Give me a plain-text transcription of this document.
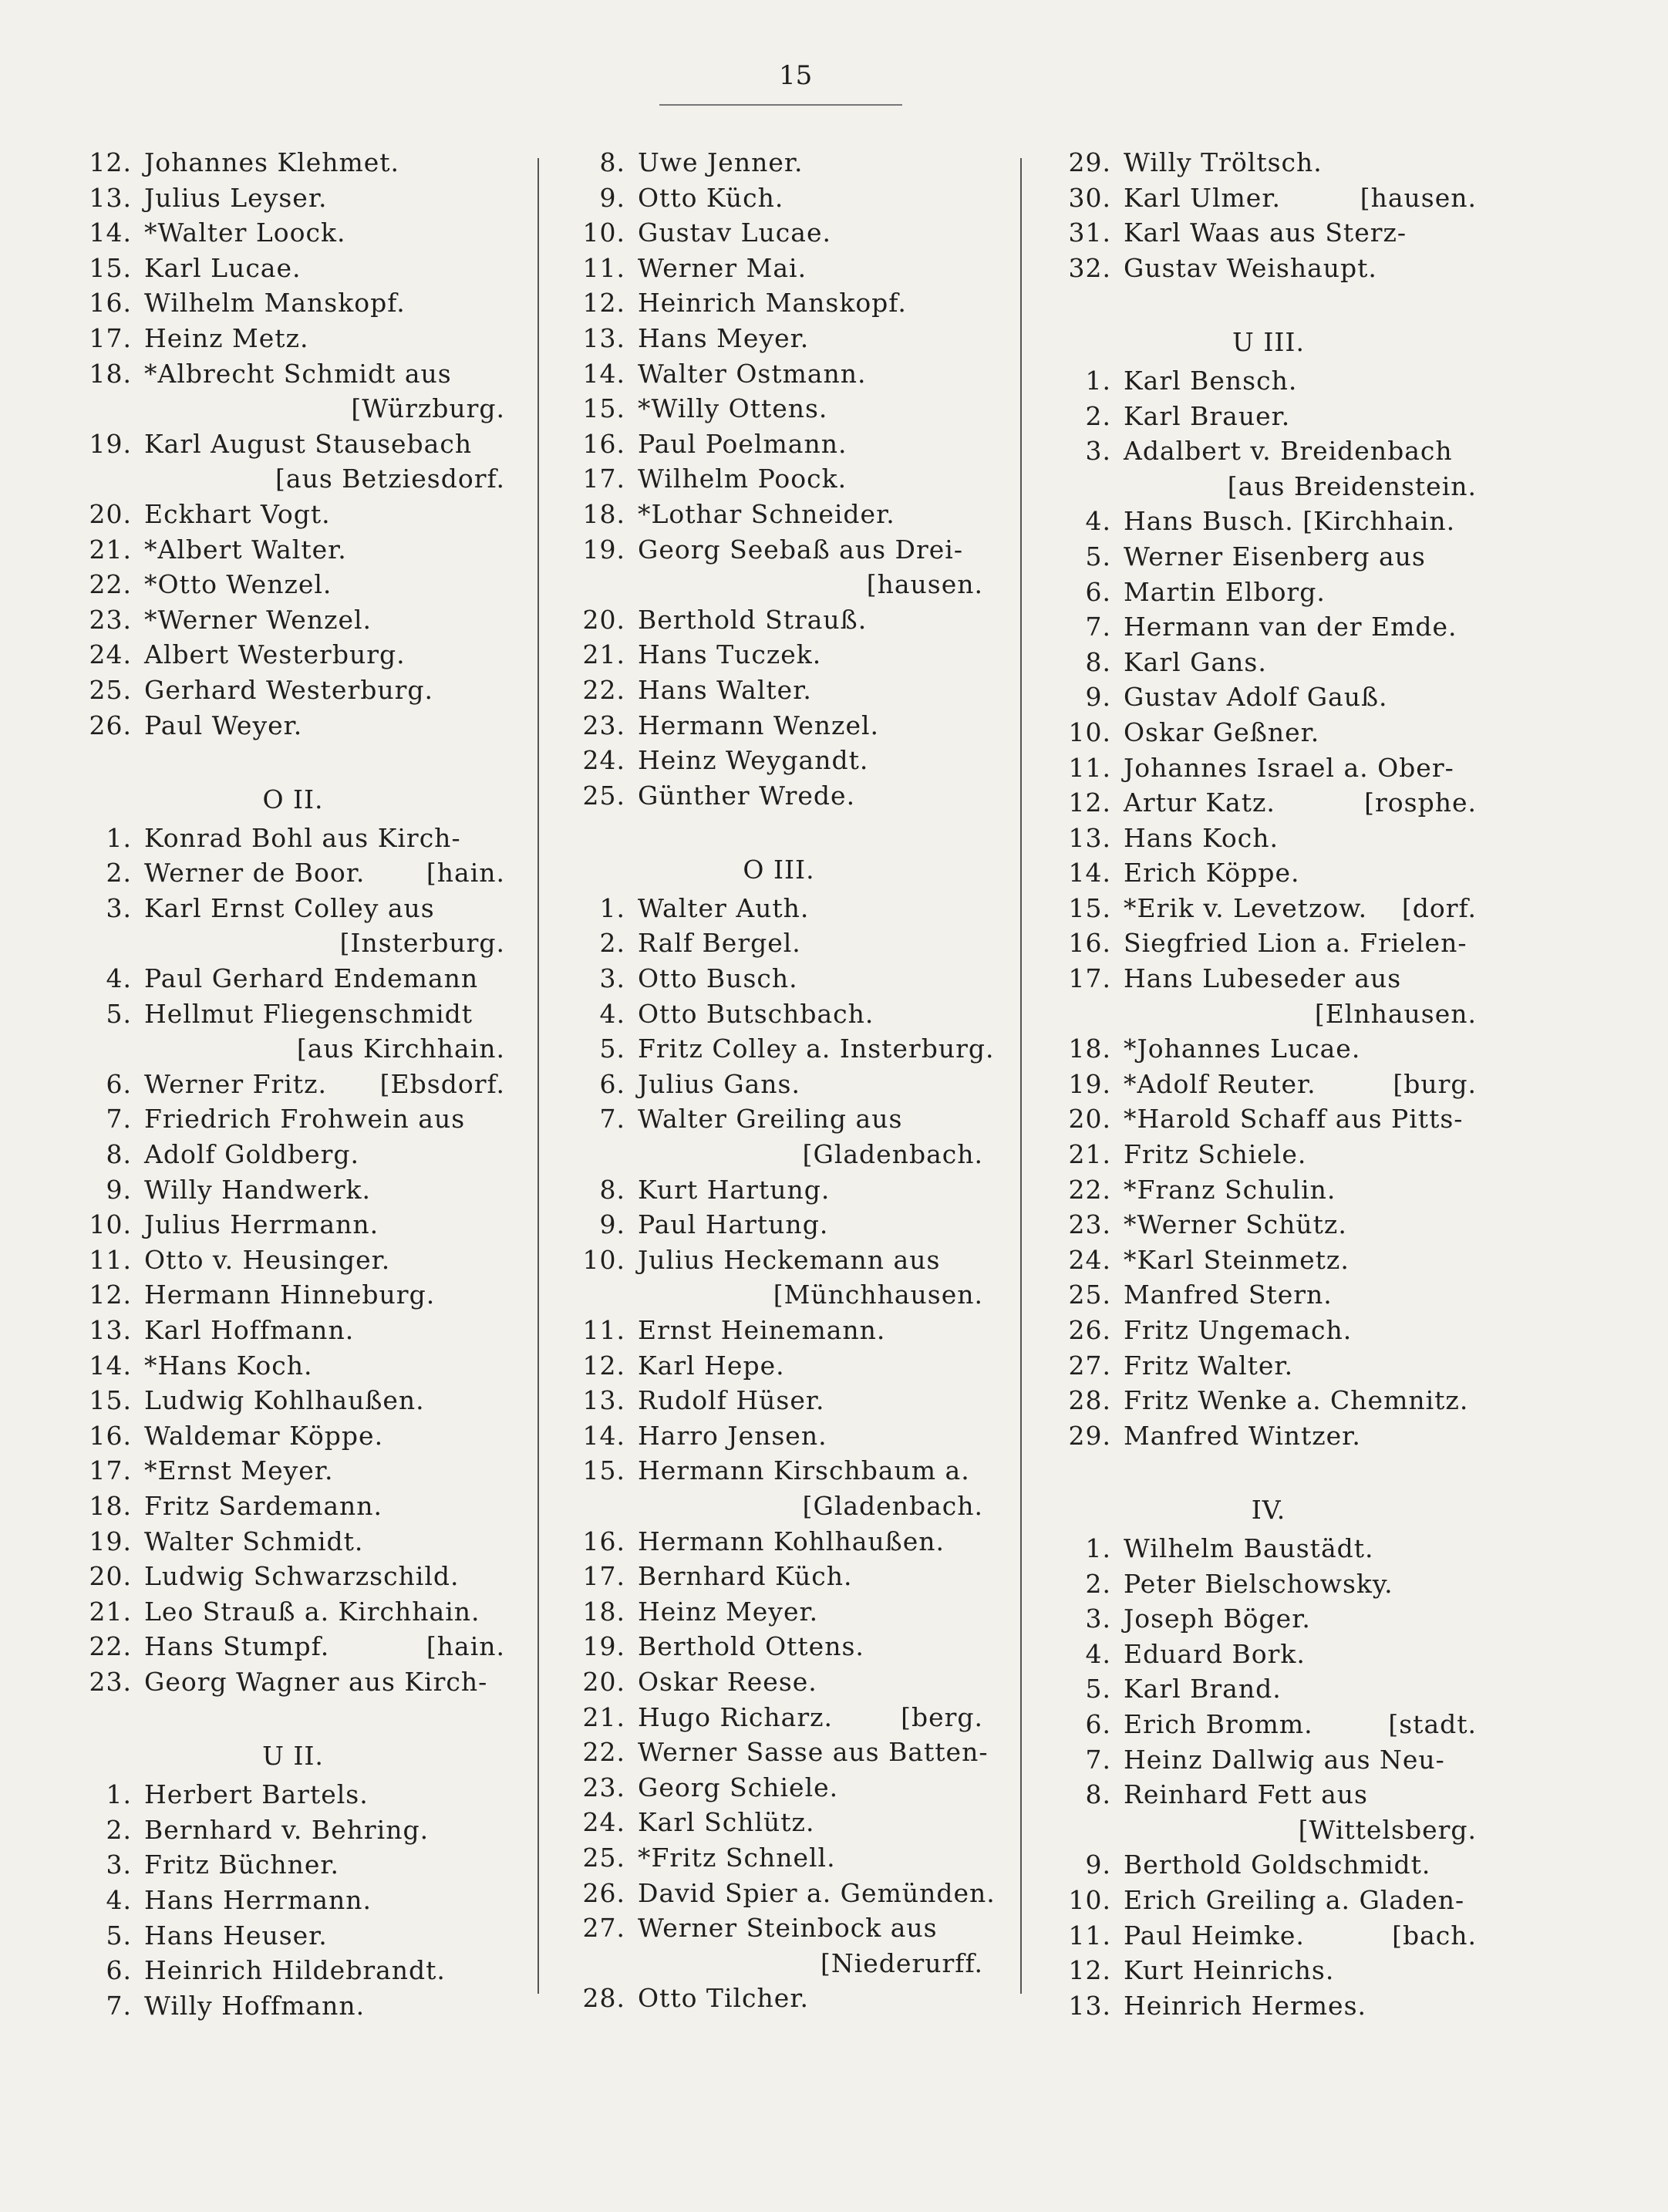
15
12. Johannes Klehmet.
13. Julius Leyser.
14. *Walter Loock.
15. Karl Lucae.
16. Wilhelm Manskopf.
17. Heinz Metz.
18. *Albrecht Schmidt aus
[Würzburg.
19. Karl August Stausebach
[aus Betziesdorf.
20. Eckhart Vogt.
21. *Albert Walter.
22. *Otto Wenzel.
23. *Werner Wenzel.
24. Albert Westerburg.
25. Gerhard Westerburg.
26. Paul Weyer.
O II.
1. Konrad Bohl aus Kirch-
2. Werner de Boor. [hain.
3. Karl Ernst Colley aus
[Insterburg.
4. Paul Gerhard Endemann
5. Hellmut Fliegenschmidt
[aus Kirchhain.
6. Werner Fritz. [Ebsdorf.
7. Friedrich Frohwein aus
8. Adolf Goldberg.
9. Willy Handwerk.
10. Julius Herrmann.
11. Otto v. Heusinger.
12. Hermann Hinneburg.
13. Karl Hoffmann.
14. *Hans Koch.
15. Ludwig Kohlhaußen.
16. Waldemar Köppe.
17. *Ernst Meyer.
18. Fritz Sardemann.
19. Walter Schmidt.
20. Ludwig Schwarzschild.
21. Leo Strauß a. Kirchhain.
22. Hans Stumpf.	[hain.
23. Georg Wagner aus Kirch-
U II.
1. Herbert Bartels.
2. Bernhard v. Behring.
3. Fritz Büchner.
4. Hans Herrmann.
5. Hans Heuser.
6. Heinrich Hildebrandt.
7. Willy Hoffmann.
8. Uwe Jenner.
9. Otto Küch.
10. Gustav Lucae.
11. Werner Mai.
12. Heinrich Manskopf.
13. Hans Meyer.
14. Walter Ostmann.
15. *Willy Ottens.
16. Paul Poelmann.
17. Wilhelm Poock.
18. *Lothar Schneider.
19. Georg Seebaß aus Drei-
[hausen.
20. Berthold Strauß.
21. Hans Tuczek.
22. Hans Walter.
23. Hermann Wenzel.
24. Heinz Weygandt.
25. Günther Wrede.
O III.
1. Walter Auth.
2. Ralf Bergel.
3. Otto Busch.
4. Otto Butschbach.
5. Fritz Colley a. Insterburg.
6. Julius Gans.
7. Walter Greiling aus
[Gladenbach.
8. Kurt Hartung.
9. Paul Hartung.
10. Julius Heckemann aus
[Münchhausen.
11. Ernst Heinemann.
12. Karl Hepe.
13. Rudolf Hüser.
14. Harro Jensen.
15. Hermann Kirschbaum a.
[Gladenbach.
16. Hermann Kohlhaußen.
17. Bernhard Küch.
18. Heinz Meyer.
19. Berthold Ottens.
20. Oskar Reese.
21. Hugo Richarz.	[berg.
22. Werner Sasse aus Batten-
23. Georg Schiele.
24. Karl Schlütz.
25. *Fritz Schnell.
26. David Spier a. Gemünden.
27. Werner Steinbock aus
[Niederurff.
28. Otto Tilcher.
29. Willy Tröltsch.
30. Karl Ulmer.	[hausen.
31. Karl Waas aus Sterz-
32. Gustav Weishaupt.
U III.
1. Karl Bensch.
2. Karl Brauer.
3. Adalbert v. Breidenbach
[aus Breidenstein.
4. Hans Busch. [Kirchhain.
5. Werner Eisenberg aus
6. Martin Elborg.
7. Hermann van der Emde.
8. Karl Gans.
9. Gustav Adolf Gauß.
10. Oskar Geßner.
11. Johannes Israel a. Ober-
12. Artur Katz.	[rosphe.
13. Hans Koch.
14. Erich Köppe.
15. *Erik v. Levetzow. [dorf.
16. Siegfried Lion a. Frielen-
17. Hans Lubeseder aus
[Elnhausen.
18. *Johannes Lucae.
19. *Adolf Reuter.	[burg.
20. *Harold Schaff aus Pitts-
21. Fritz Schiele.
22. *Franz Schulin.
23. *Werner Schütz.
24. *Karl Steinmetz.
25. Manfred Stern.
26. Fritz Ungemach.
27. Fritz Walter.
28. Fritz Wenke a. Chemnitz.
29. Manfred Wintzer.
IV.
1. Wilhelm Baustädt.
2. Peter Bielschowsky.
3. Joseph Böger.
4. Eduard Bork.
5. Karl Brand.
6. Erich Bromm.	[stadt.
7. Heinz Dallwig aus Neu-
8. Reinhard Fett aus
[Wittelsberg.
9. Berthold Goldschmidt.
10. Erich Greiling a. Gladen-
11. Paul Heimke.	[bach.
12. Kurt Heinrichs.
13. Heinrich Hermes.
